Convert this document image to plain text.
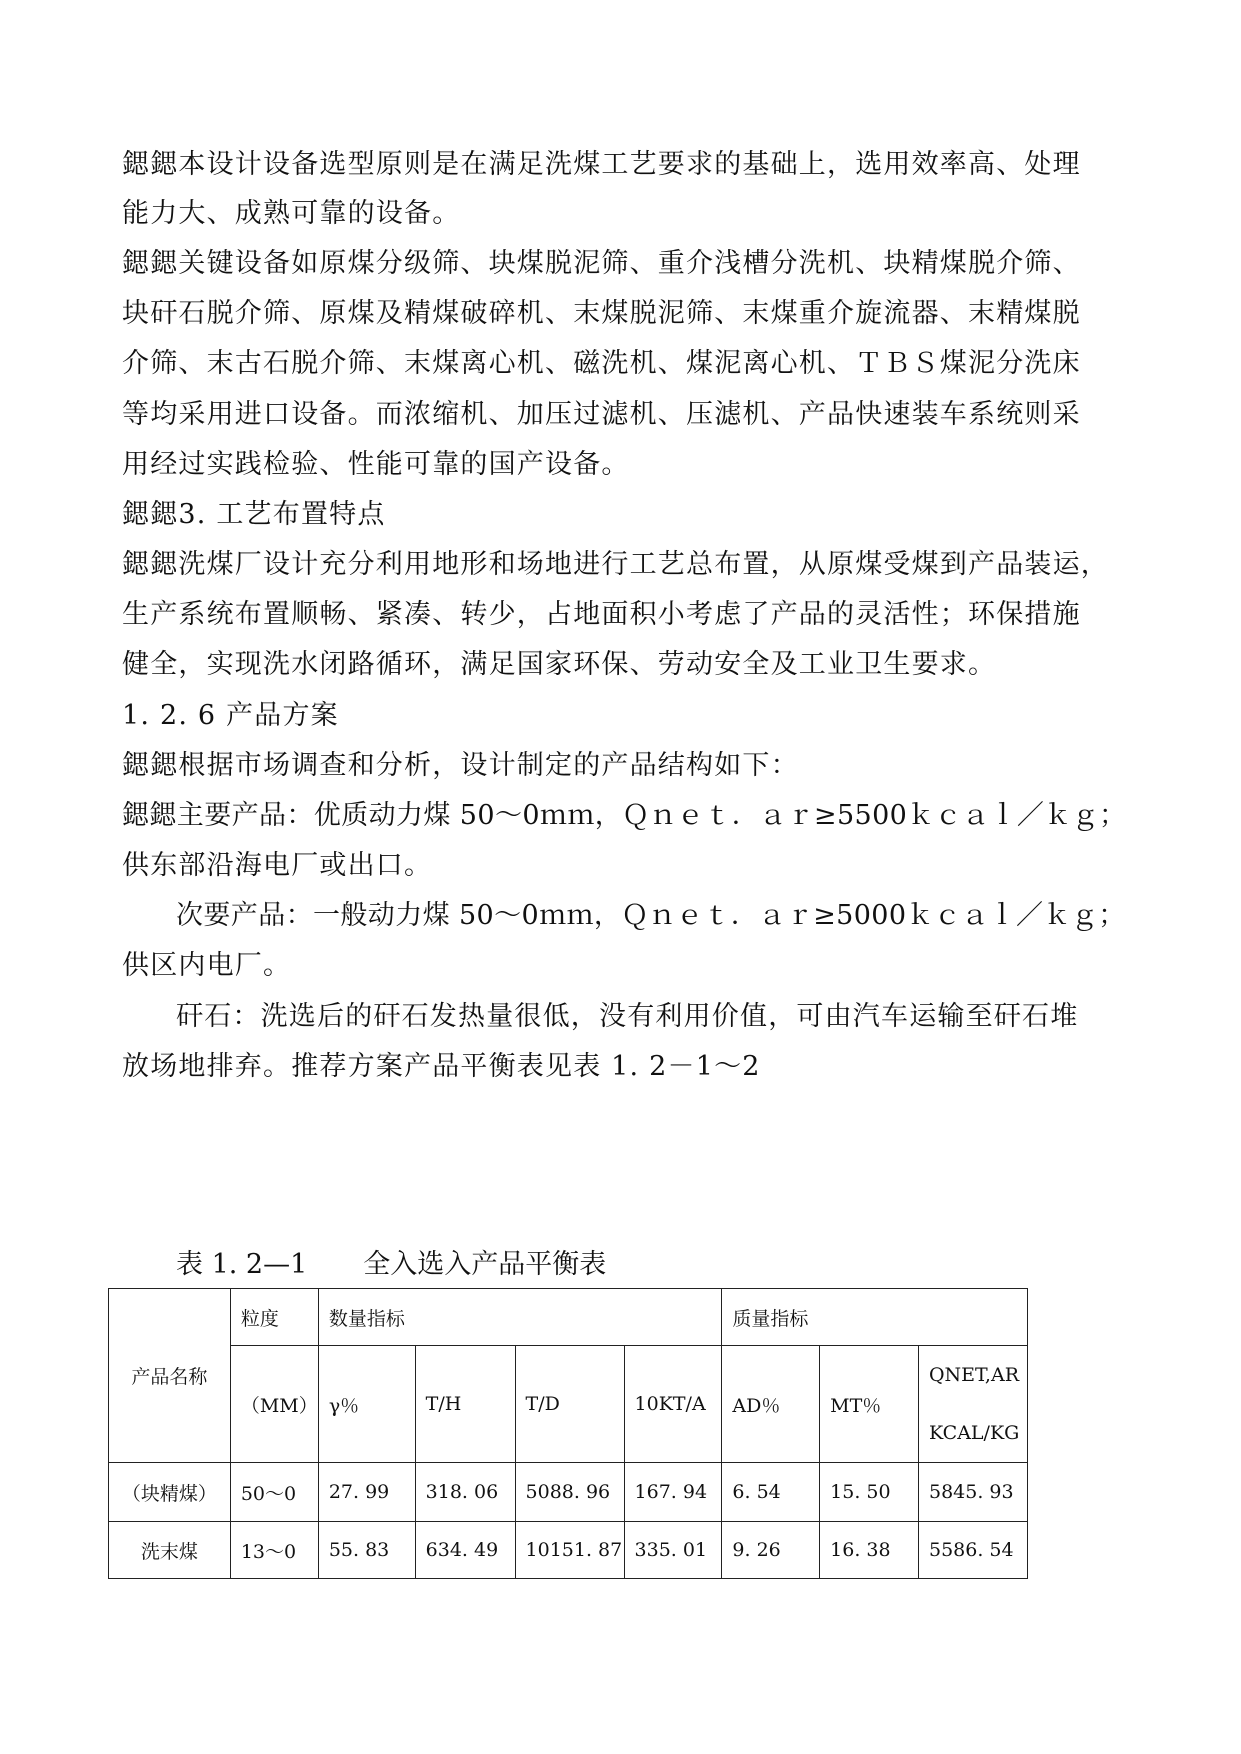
鍶鍶本设计设备选型原则是在满足洗煤工艺要求的基础上，选用效率高、处理
能力大、成熟可靠的设备。
鍶鍶关键设备如原煤分级筛、块煤脱泥筛、重介浅槽分洗机、块精煤脱介筛、
块矸石脱介筛、原煤及精煤破碎机、末煤脱泥筛、末煤重介旋流器、末精煤脱
介筛、末古石脱介筛、末煤离心机、磁洗机、煤泥离心机、ＴＢＳ煤泥分洗床
等均采用进口设备。而浓缩机、加压过滤机、压滤机、产品快速装车系统则采
用经过实践检验、性能可靠的国产设备。
鍶鍶3. 工艺布置特点
鍶鍶洗煤厂设计充分利用地形和场地进行工艺总布置，从原煤受煤到产品装运，
生产系统布置顺畅、紧凑、转少，占地面积小考虑了产品的灵活性；环保措施
健全，实现洗水闭路循环，满足国家环保、劳动安全及工业卫生要求。
1. 2. 6 产品方案
鍶鍶根据市场调查和分析，设计制定的产品结构如下：
鍶鍶主要产品：优质动力煤 50～0ｍｍ，Ｑｎｅｔ．ａｒ≥5500ｋｃａｌ／ｋｇ；
供东部沿海电厂或出口。
次要产品：一般动力煤 50～0ｍｍ，Ｑｎｅｔ．ａｒ≥5000ｋｃａｌ／ｋｇ；
供区内电厂。
矸石：洗选后的矸石发热量很低，没有利用价值，可由汽车运输至矸石堆
放场地排弃。推荐方案产品平衡表见表 1. 2－1～2
表 1. 2—1 全入选入产品平衡表
产品名称	粒度	数量指标				质量指标		
	（MM）	γ％	T/H	T/D	10KT/A	AD％	MT％	QNET,AR
KCAL/KG

（块精煤）	50～0	27. 99	318. 06	5088. 96	167. 94	6. 54	15. 50	5845. 93
洗末煤	13～0	55. 83	634. 49	10151. 87	335. 01	9. 26	16. 38	5586. 54
